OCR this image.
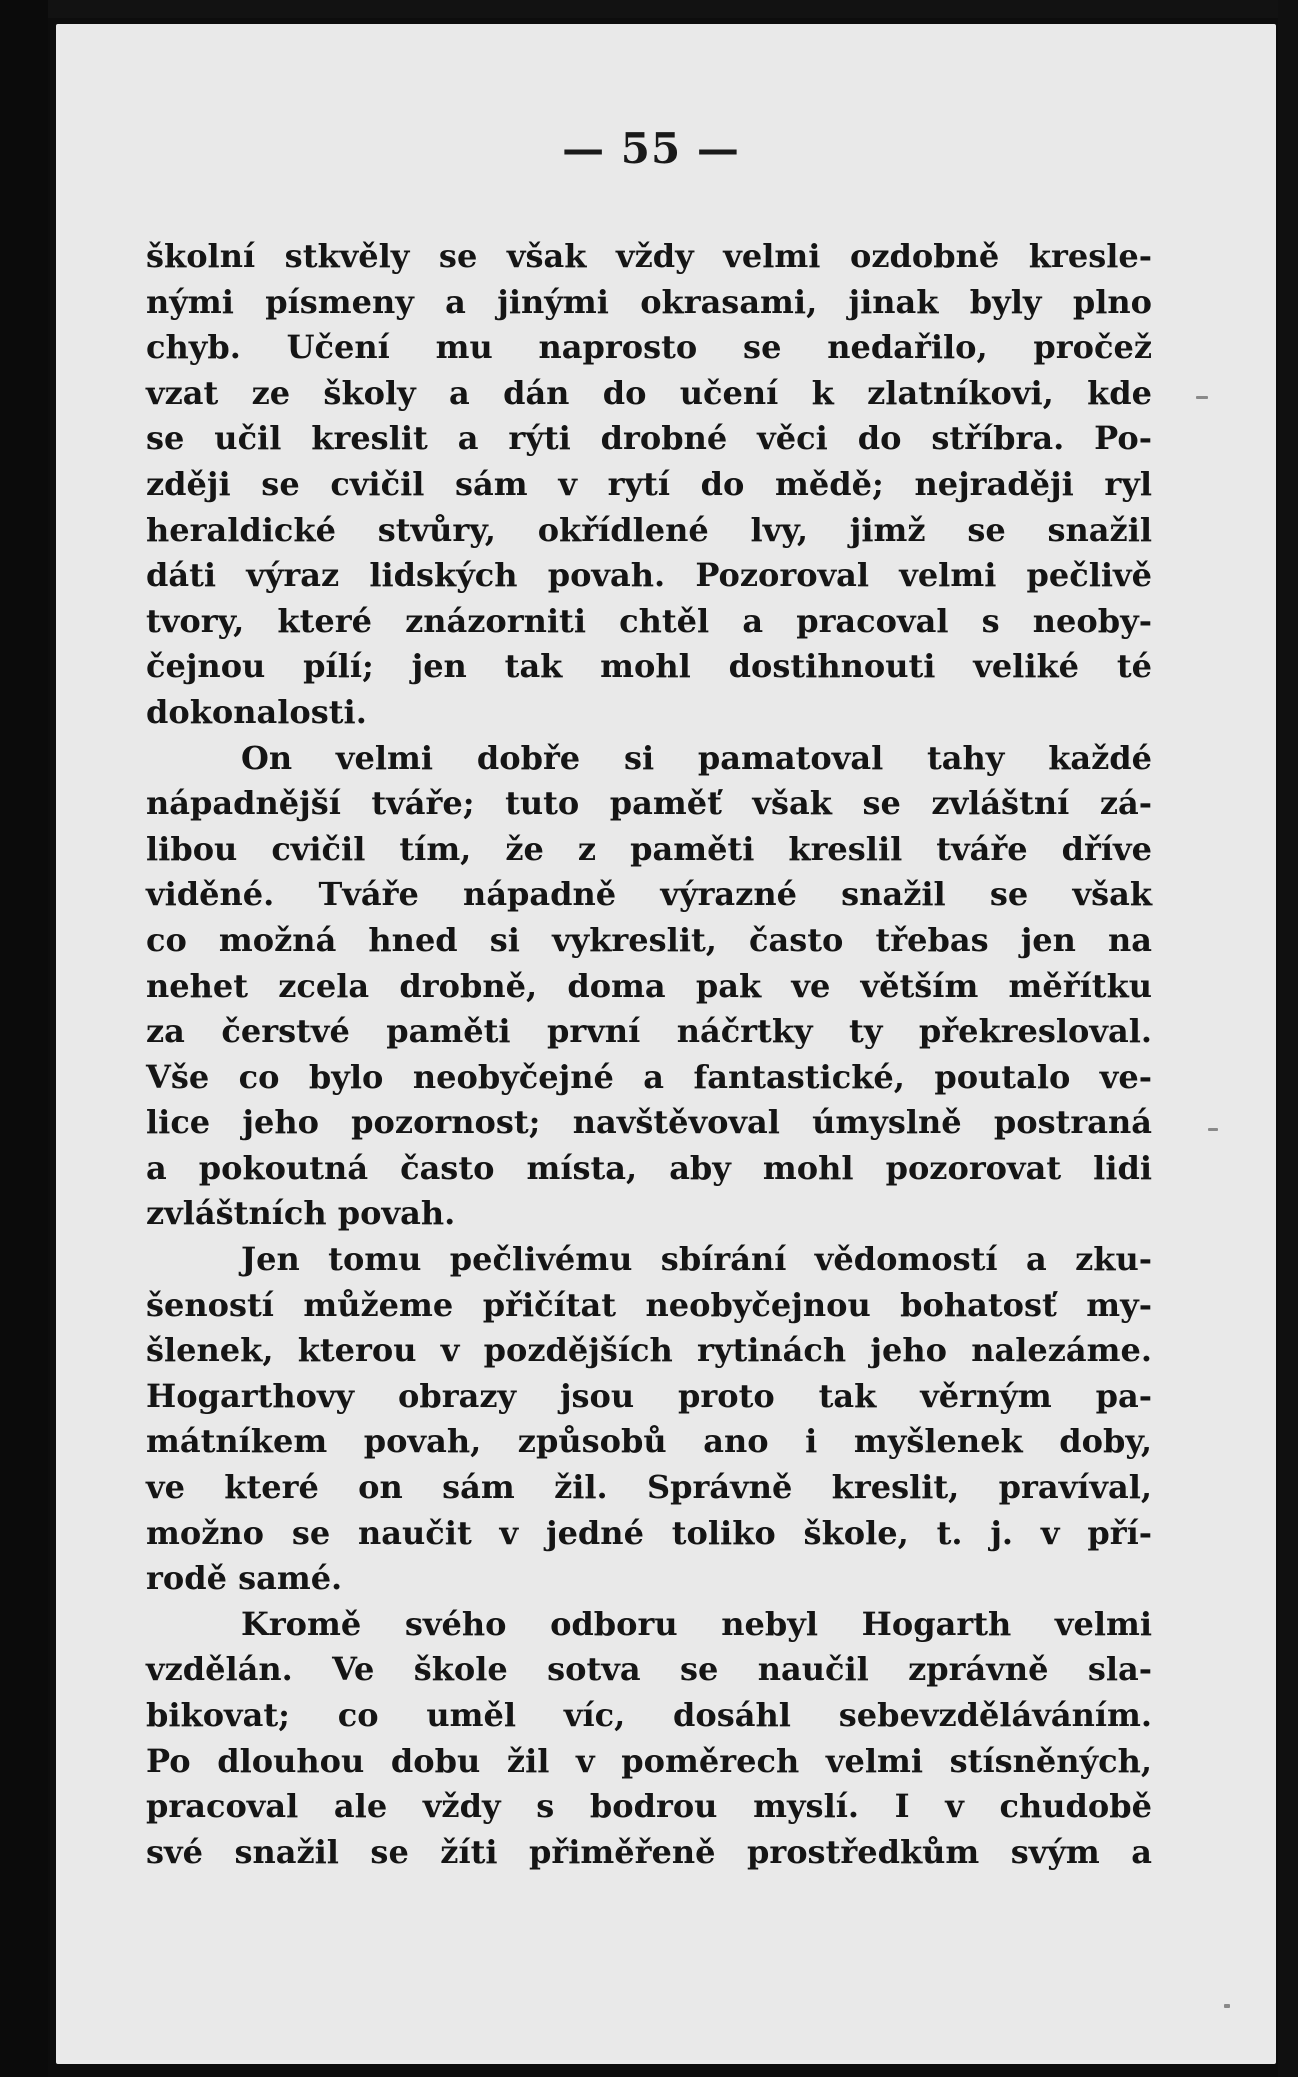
— 55 —
školní stkvěly se však vždy velmi ozdobně kresle-
nými písmeny a jinými okrasami, jinak byly plno
chyb. Učení mu naprosto se nedařilo, pročež
vzat ze školy a dán do učení k zlatníkovi, kde
se učil kreslit a rýti drobné věci do stříbra. Po-
zději se cvičil sám v rytí do mědě; nejraději ryl
heraldické stvůry, okřídlené lvy, jimž se snažil
dáti výraz lidských povah. Pozoroval velmi pečlivě
tvory, které znázorniti chtěl a pracoval s neoby-
čejnou pílí; jen tak mohl dostihnouti veliké té
dokonalosti.
On velmi dobře si pamatoval tahy každé
nápadnější tváře; tuto paměť však se zvláštní zá-
libou cvičil tím, že z paměti kreslil tváře dříve
viděné. Tváře nápadně výrazné snažil se však
co možná hned si vykreslit, často třebas jen na
nehet zcela drobně, doma pak ve větším měřítku
za čerstvé paměti první náčrtky ty překresloval.
Vše co bylo neobyčejné a fantastické, poutalo ve-
lice jeho pozornost; navštěvoval úmyslně postraná
a pokoutná často místa, aby mohl pozorovat lidi
zvláštních povah.
Jen tomu pečlivému sbírání vědomostí a zku-
šeností můžeme přičítat neobyčejnou bohatosť my-
šlenek, kterou v pozdějších rytinách jeho nalezáme.
Hogarthovy obrazy jsou proto tak věrným pa-
mátníkem povah, způsobů ano i myšlenek doby,
ve které on sám žil. Správně kreslit, pravíval,
možno se naučit v jedné toliko škole, t. j. v pří-
rodě samé.
Kromě svého odboru nebyl Hogarth velmi
vzdělán. Ve škole sotva se naučil zprávně sla-
bikovat; co uměl víc, dosáhl sebevzděláváním.
Po dlouhou dobu žil v poměrech velmi stísněných,
pracoval ale vždy s bodrou myslí. I v chudobě
své snažil se žíti přiměřeně prostředkům svým a
